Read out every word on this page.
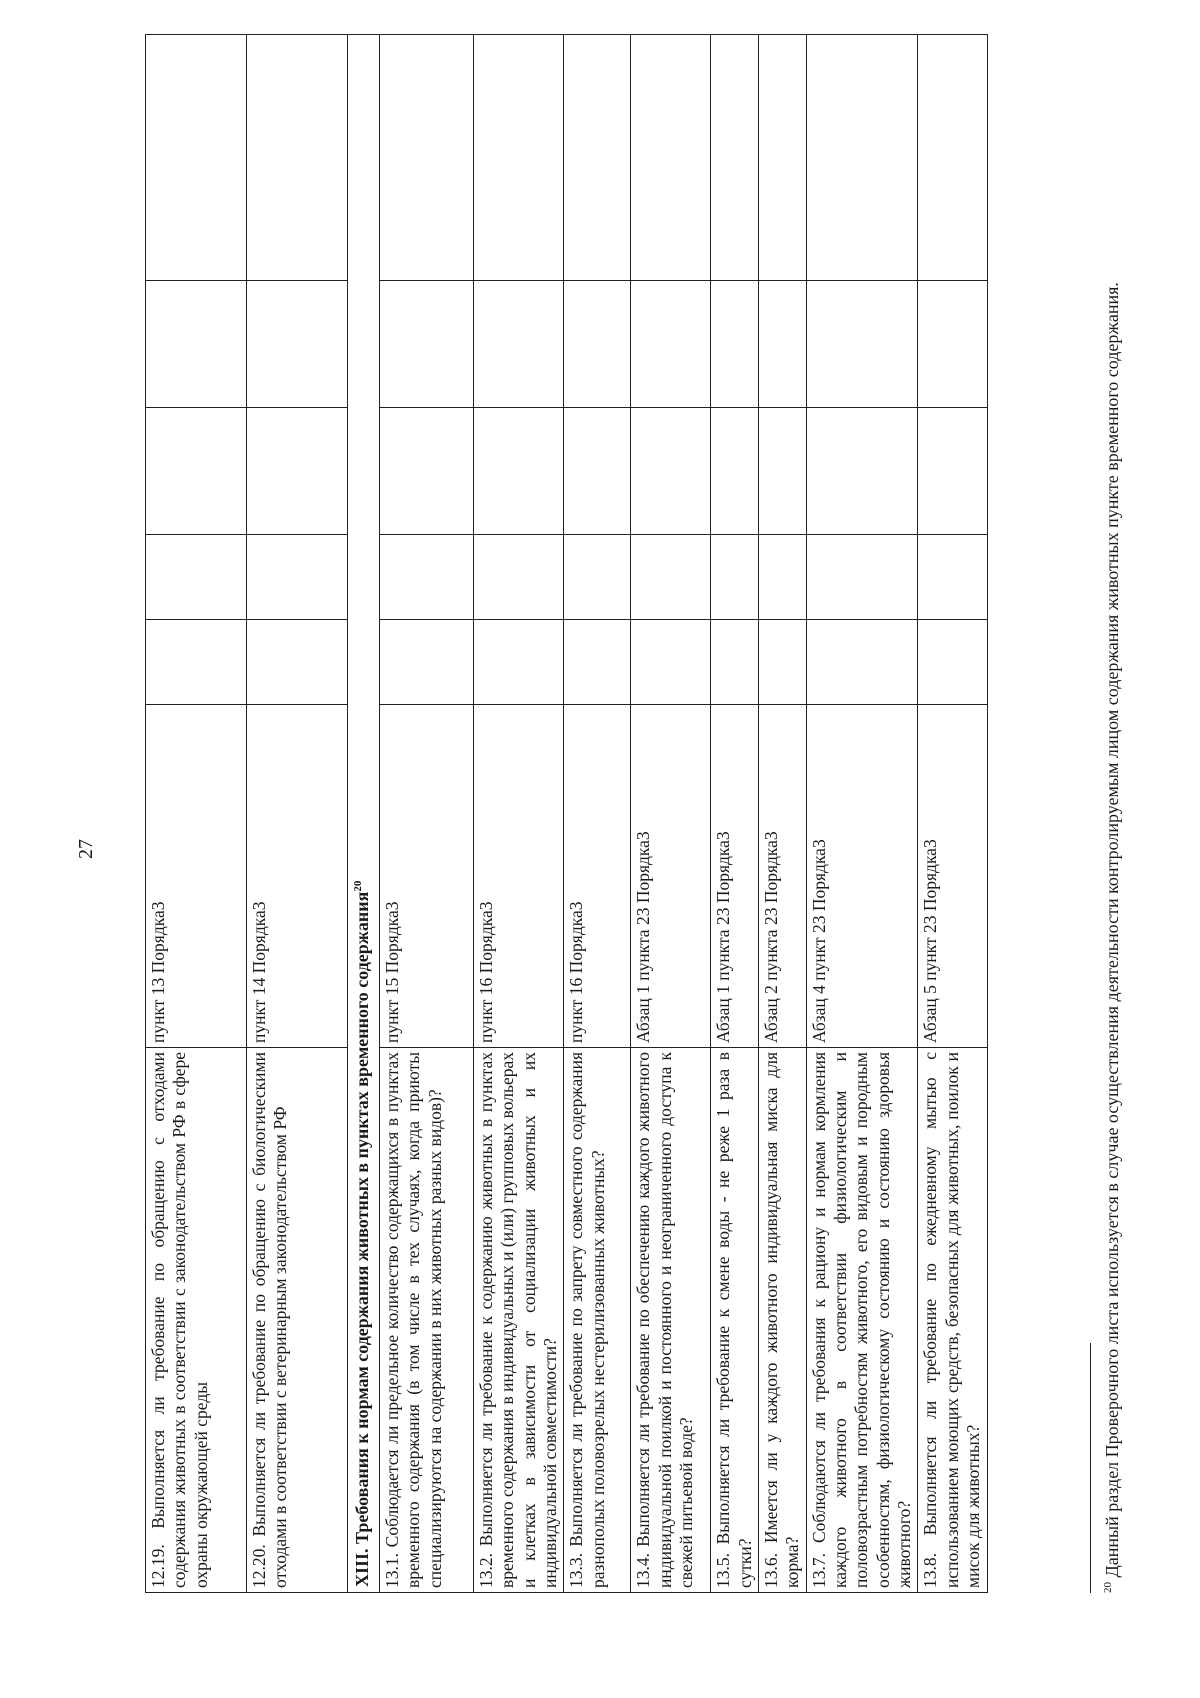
27
12.19. Выполняется ли требование по обращению с отходами содержания животных в соответствии с законодательством РФ в сфере охраны окружающей среды	пункт 13 Порядка3					
12.20. Выполняется ли требование по обращению с биологическими отходами в соответствии с ветеринарным законодательством РФ	пункт 14 Порядка3					
XIII. Требования к нормам содержания животных в пунктах временного содержания$^{20}$
13.1. Соблюдается ли предельное количество содержащихся в пунктах временного содержания (в том числе в тех случаях, когда приюты специализируются на содержании в них животных разных видов)?	пункт 15 Порядка3					
13.2. Выполняется ли требование к содержанию животных в пунктах временного содержания в индивидуальных и (или) групповых вольерах и клетках в зависимости от социализации животных и их индивидуальной совместимости?	пункт 16 Порядка3					
13.3. Выполняется ли требование по запрету совместного содержания разнополых половозрелых нестерилизованных животных?	пункт 16 Порядка3					
13.4. Выполняется ли требование по обеспечению каждого животного индивидуальной поилкой и постоянного и неограниченного доступа к свежей питьевой воде?	Абзац 1 пункта 23 Порядка3					
13.5. Выполняется ли требование к смене воды - не реже 1 раза в сутки?	Абзац 1 пункта 23 Порядка3					
13.6. Имеется ли у каждого животного индивидуальная миска для корма?	Абзац 2 пункта 23 Порядка3					
13.7. Соблюдаются ли требования к рациону и нормам кормления каждого животного в соответствии физиологическим и половозрастным потребностям животного, его видовым и породным особенностям, физиологическому состоянию и состоянию здоровья животного?	Абзац 4 пункт 23 Порядка3					
13.8. Выполняется ли требование по ежедневному мытью с использованием моющих средств, безопасных для животных, поилок и мисок для животных?	Абзац 5 пункт 23 Порядка3					
$^{20}$ Данный раздел Проверочного листа используется в случае осуществления деятельности контролируемым лицом содержания животных пункте временного содержания.
